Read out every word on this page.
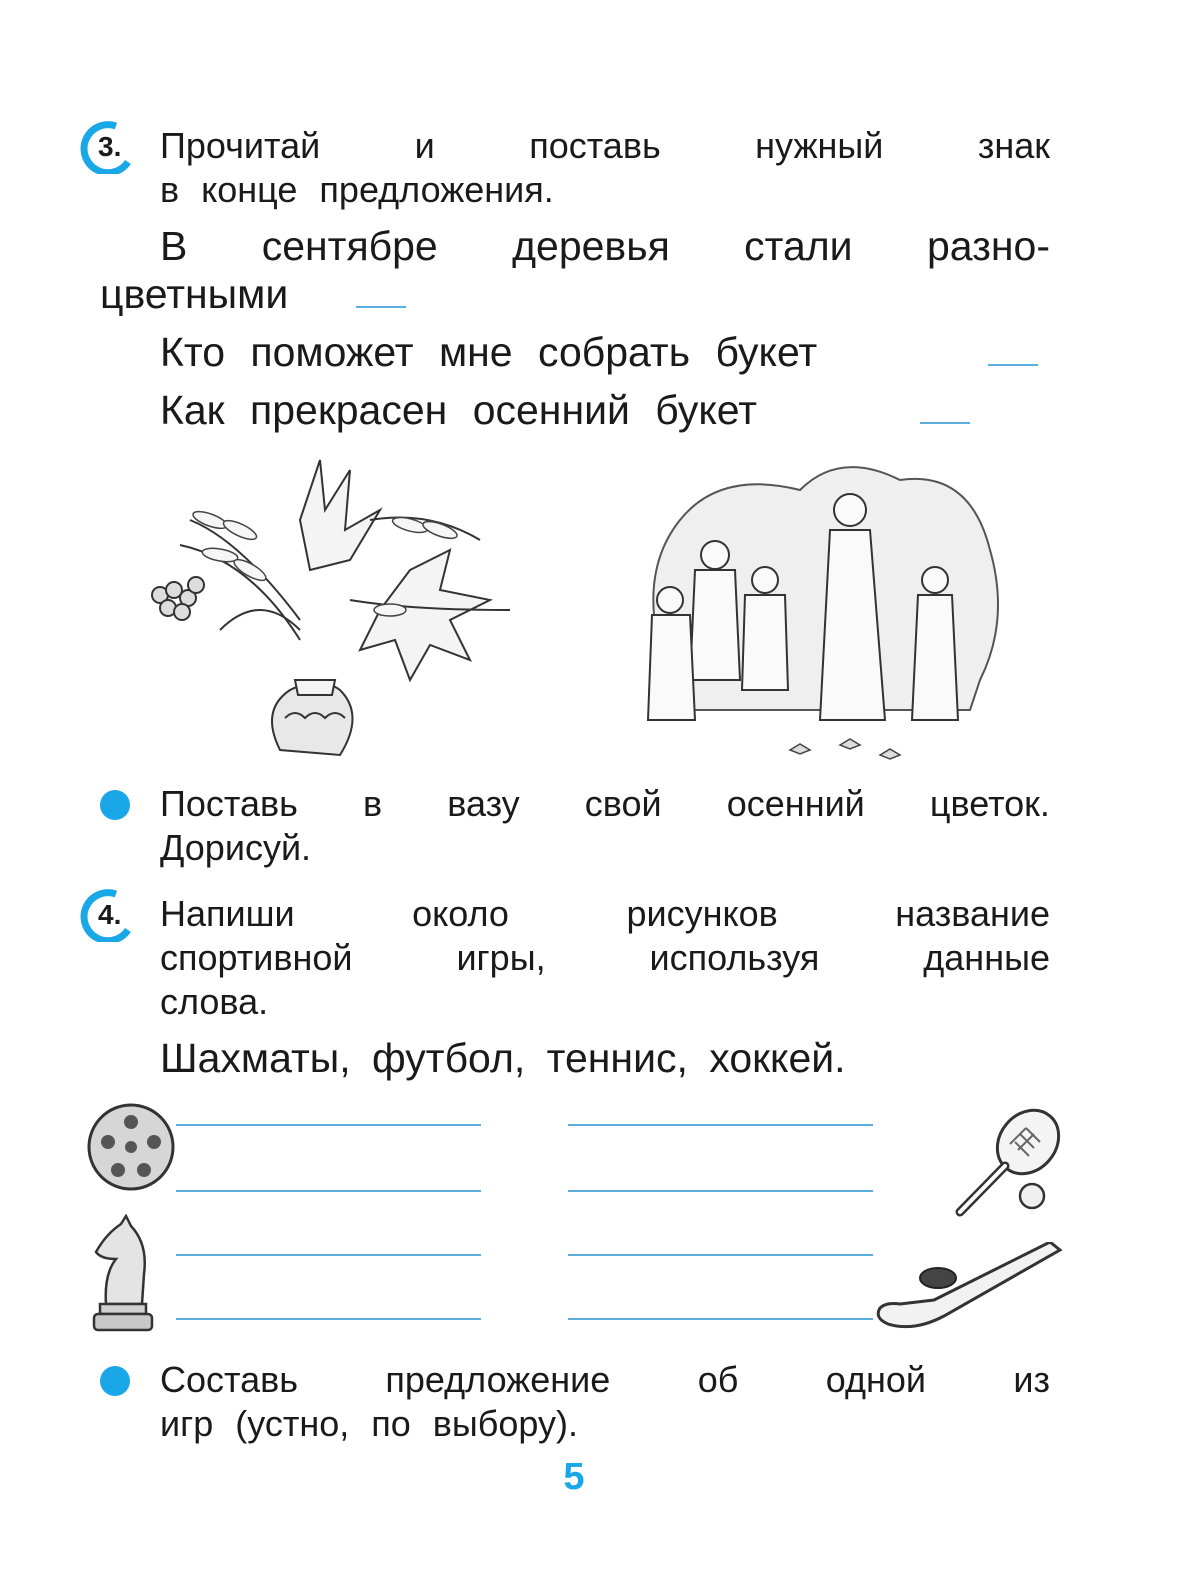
3. Прочитай	и	поставь	нужный	знак
в конце предложения.
В сентябре деревья стали разно-
цветными
Кто поможет мне собрать букет
Как прекрасен осенний букет
Поставь в вазу свой осенний цветок.
Дорисуй.
4. Напиши	около	рисунков	название
спортивной	игры,	используя	данные
слова.
Шахматы, футбол, теннис, хоккей.
Составь предложение об одной из
игр (устно, по выбору).
5
